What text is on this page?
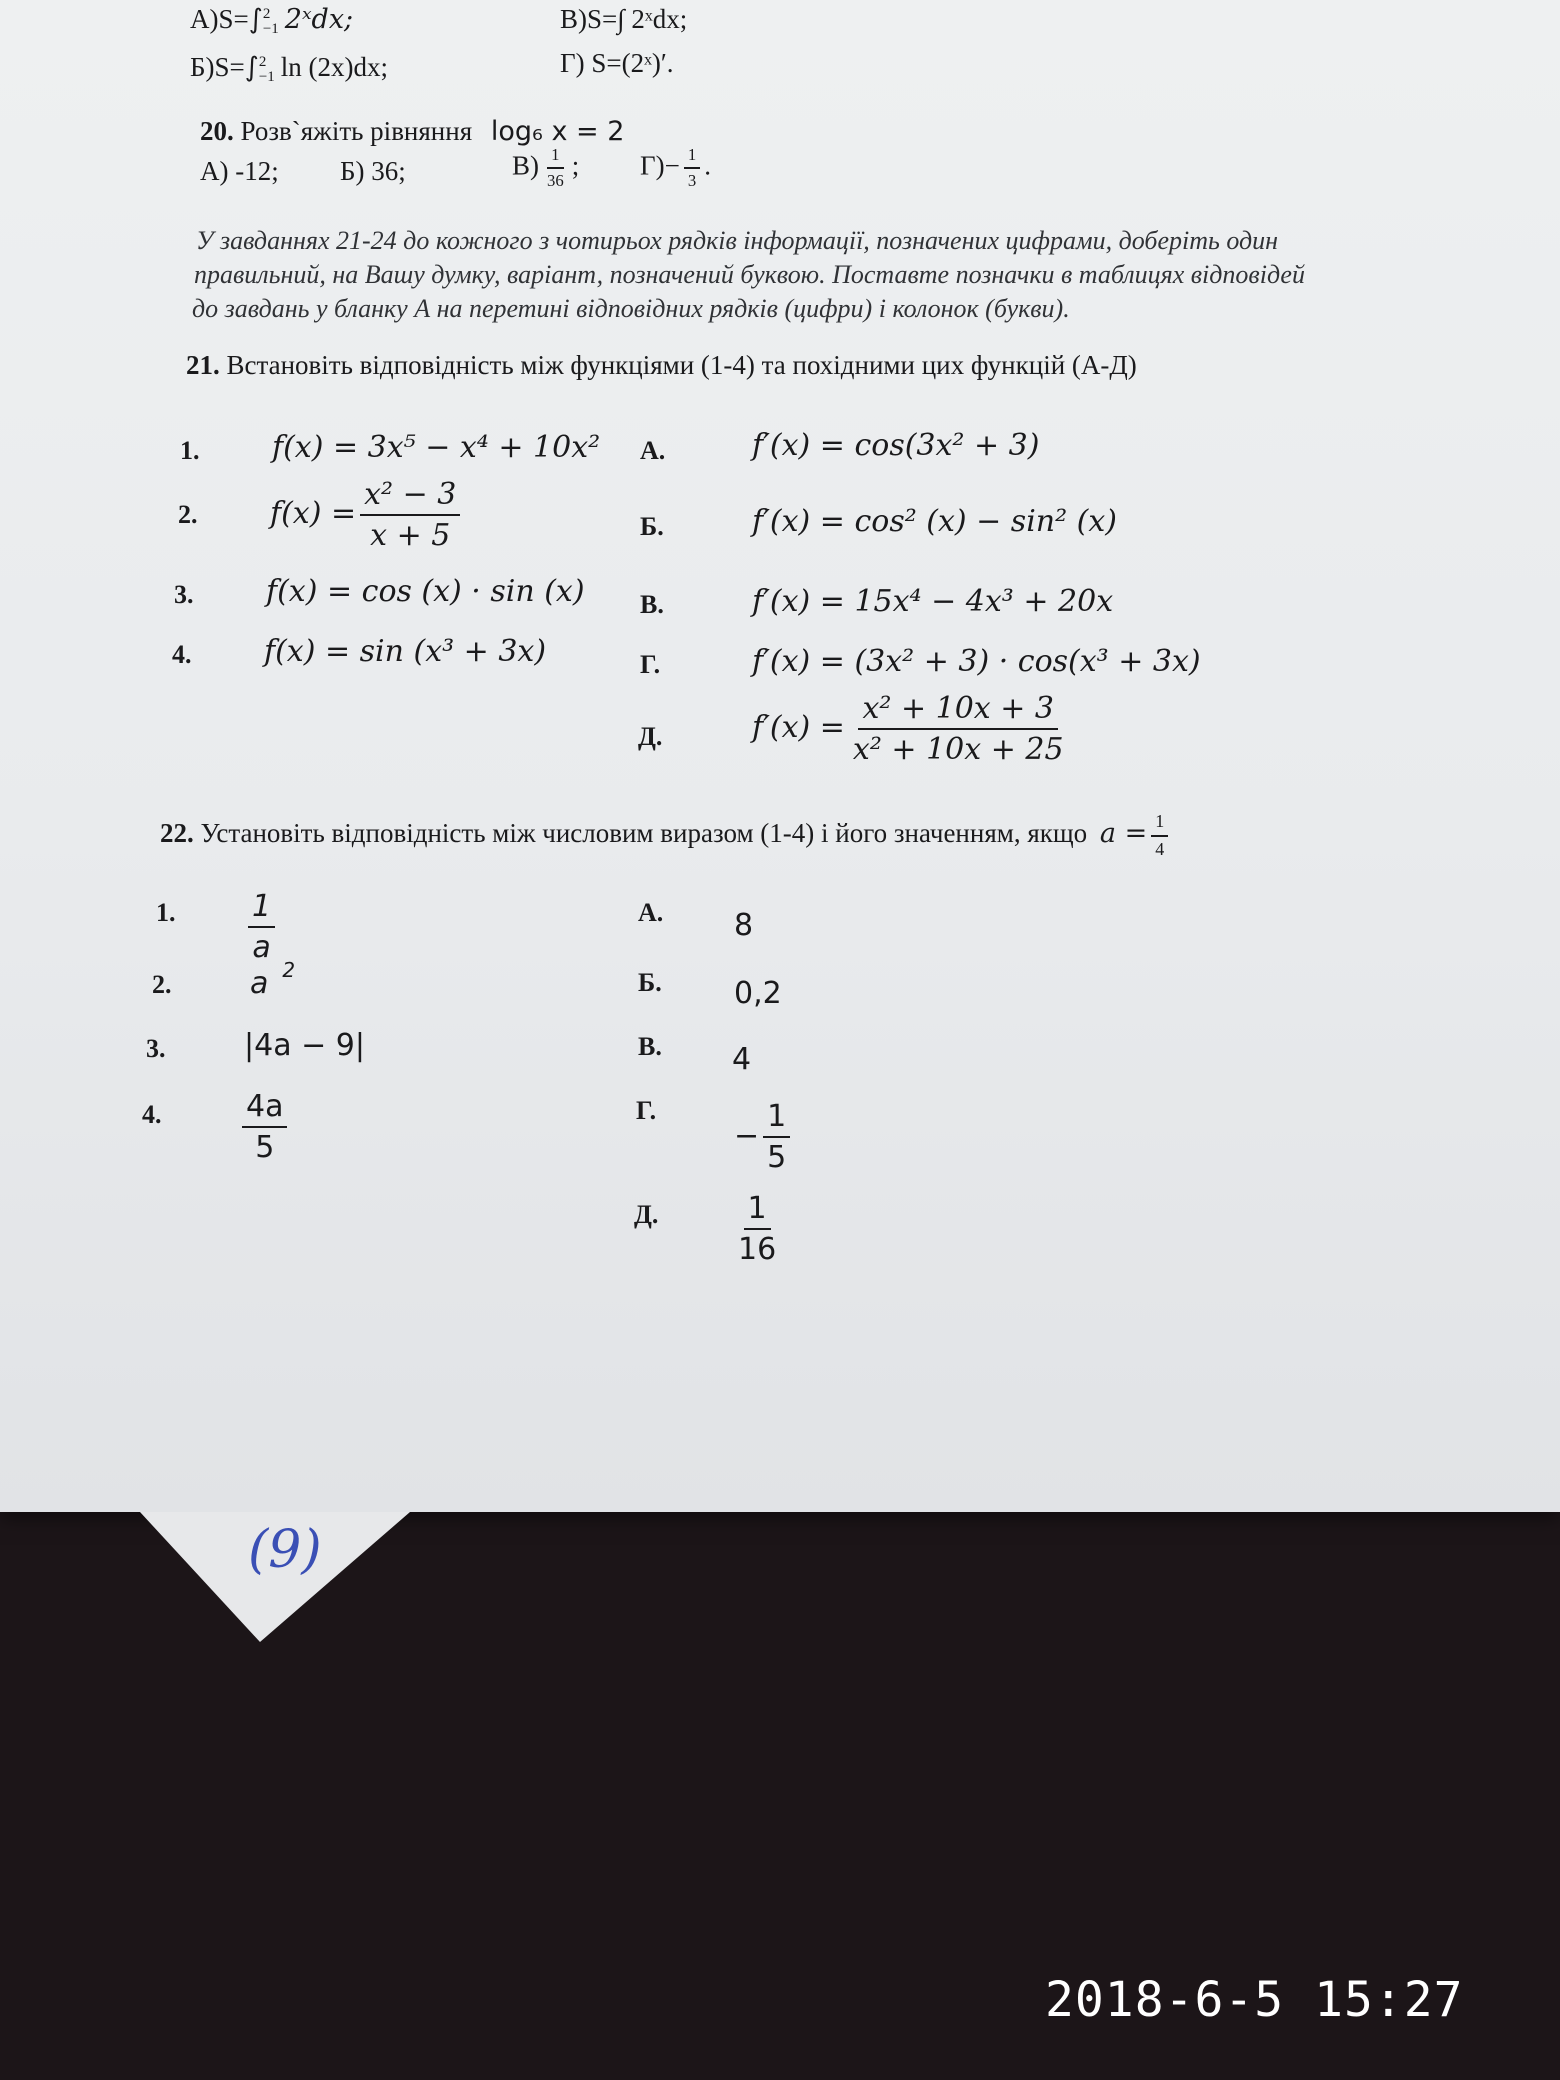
А)S=∫ 2
−1 2ˣdx;	В)S=∫ 2ˣdx;
Б)S=∫ 2
−1 ln (2x)dx;	Г) S=(2ˣ)′.
20. Розв`яжіть рівняння log₆ x = 2
А) -12; Б) 36;	$В) \frac{1}{36}$ ; $Г)- \frac{1}{3}$ .
У завданнях 21-24 до кожного з чотирьох рядків інформації, позначених цифрами, доберіть один
правильний, на Вашу думку, варіант, позначений буквою. Поставте позначки в таблицях відповідей
до завдань у бланку А на перетині відповідних рядків (цифри) і колонок (букви).
21. Встановіть відповідність між функціями (1-4) та похідними цих функцій (А-Д)
1. f(x) = 3x⁵ − x⁴ + 10x²
2. $f(x) = \frac{\text{x² − 3}}{x + 5}$
3. f(x) = cos (x) · sin (x)
4. f(x) = sin (x³ + 3x)
А.	f′(x) = cos(3x² + 3)
Б.	f′(x) = cos² (x) − sin² (x)
В.	f′(x) = 15x⁴ − 4x³ + 20x
Г.	f′(x) = (3x² + 3) · cos(x³ + 3x)
Д.	$f'(x) = \frac{\text{x² + 10x + 3}}{\text{x² + 10x + 25}}$
22. Установіть відповідність між числовим виразом (1-4) і його значенням, якщо $a = \frac{1}{4}$
1. $\frac{1}{a}$
2.	a $^2$
3.	|4a − 9|
4.	$\frac{4a}{5}$
А. 8
Б. 0,2
В. 4
Г.
− $\frac{1}{5}$
Д.	$\frac{1}{16}$
(9)
2018-6-5 15:27
